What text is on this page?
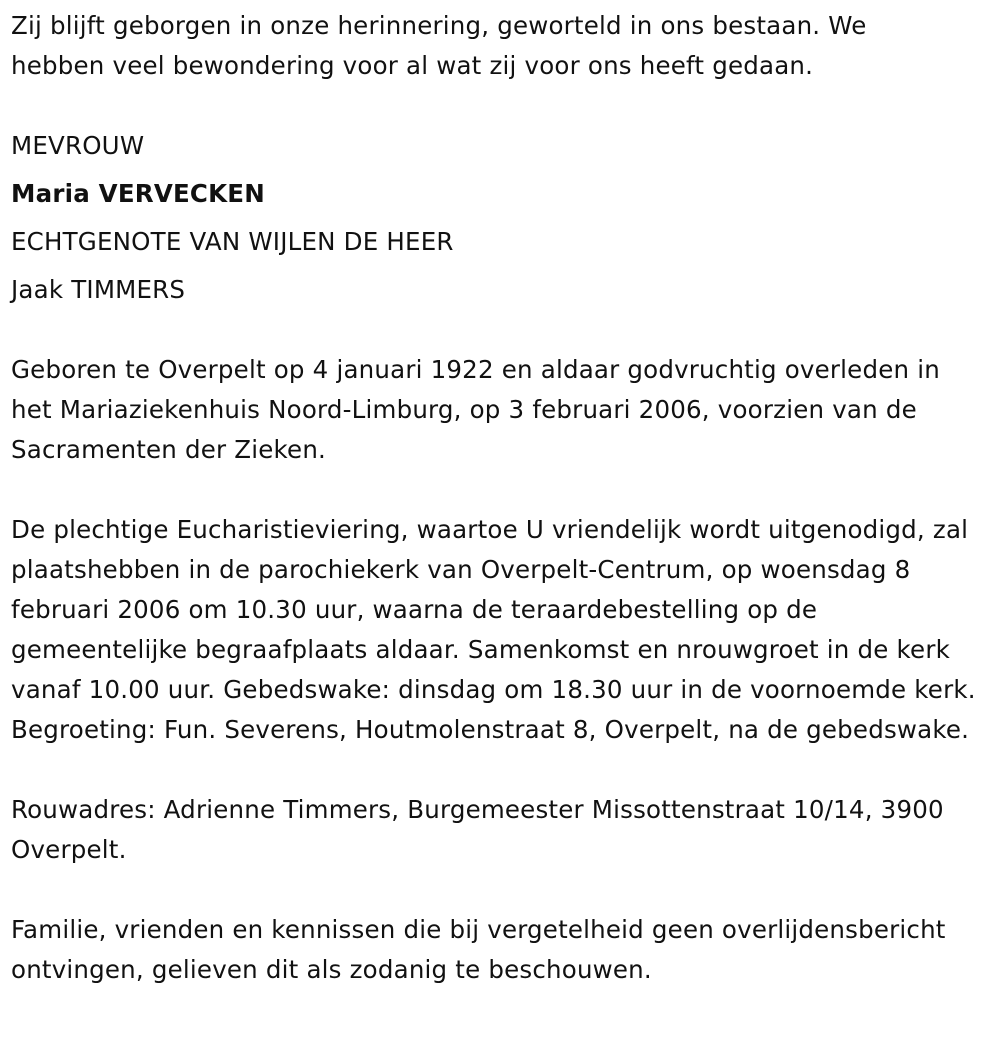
Zij blijft geborgen in onze herinnering, geworteld in ons bestaan. We hebben veel bewondering voor al wat zij voor ons heeft gedaan.

MEVROUW
Maria VERVECKEN
ECHTGENOTE VAN WIJLEN DE HEER
Jaak TIMMERS

Geboren te Overpelt op 4 januari 1922 en aldaar godvruchtig overleden in het Mariaziekenhuis Noord-Limburg, op 3 februari 2006, voorzien van de Sacramenten der Zieken.

De plechtige Eucharistieviering, waartoe U vriendelijk wordt uitgenodigd, zal plaatshebben in de parochiekerk van Overpelt-Centrum, op woensdag 8 februari 2006 om 10.30 uur, waarna de teraardebestelling op de gemeentelijke begraafplaats aldaar. Samenkomst en nrouwgroet in de kerk vanaf 10.00 uur. Gebedswake: dinsdag om 18.30 uur in de voornoemde kerk. Begroeting: Fun. Severens, Houtmolenstraat 8, Overpelt, na de gebedswake.

Rouwadres: Adrienne Timmers, Burgemeester Missottenstraat 10/14, 3900 Overpelt.

Familie, vrienden en kennissen die bij vergetelheid geen overlijdensbericht ontvingen, gelieven dit als zodanig te beschouwen.
